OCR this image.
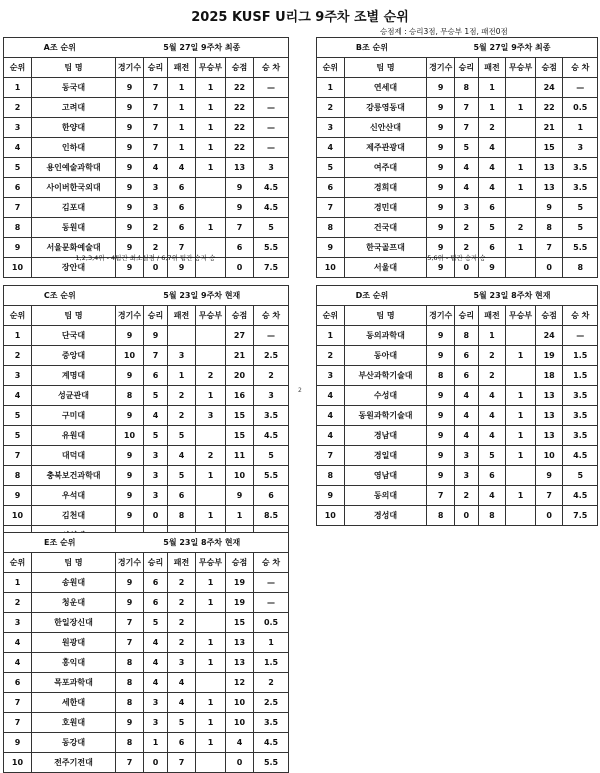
2025 KUSF U리그 9주차 조별 순위
승점제 : 승리3점, 무승부 1점, 패전0점
2
A조 순위		5월 27일 9주차 최종					
순위	팀 명	경기수	승리	패전	무승부	승점	승 차
1	동국대	9	7	1	1	22	—
2	고려대	9	7	1	1	22	—
3	한양대	9	7	1	1	22	—
4	인하대	9	7	1	1	22	—
5	용인예술과학대	9	4	4	1	13	3
6	사이버한국외대	9	3	6		9	4.5
7	김포대	9	3	6		9	4.5
8	동원대	9	2	6	1	7	5
9	서울문화예술대	9	2	7		6	5.5
10	장안대	9	0	9		0	7.5
B조 순위		5월 27일 9주차 최종					
순위	팀 명	경기수	승리	패전	무승부	승점	승 차
1	연세대	9	8	1		24	—
2	강릉영동대	9	7	1	1	22	0.5
3	신안산대	9	7	2		21	1
4	제주관광대	9	5	4		15	3
5	여주대	9	4	4	1	13	3.5
6	경희대	9	4	4	1	13	3.5
7	경민대	9	3	6		9	5
8	건국대	9	2	5	2	8	5
9	한국골프대	9	2	6	1	7	5.5
10	서울대	9	0	9		0	8
1,2,3,4위 - 4팀간 최소실점 / 6,7위 팀간 승자 승	5,6위 - 팀간 승자 승
C조 순위		5월 23일 9주차 현재					
순위	팀 명	경기수	승리	패전	무승부	승점	승 차
1	단국대	9	9			27	—
2	중앙대	10	7	3		21	2.5
3	계명대	9	6	1	2	20	2
4	성균관대	8	5	2	1	16	3
5	구미대	9	4	2	3	15	3.5
5	유원대	10	5	5		15	4.5
7	대덕대	9	3	4	2	11	5
8	충북보건과학대	9	3	5	1	10	5.5
9	우석대	9	3	6		9	6
10	김천대	9	0	8	1	1	8.5

D조 순위		5월 23일 8주차 현재					
순위	팀 명	경기수	승리	패전	무승부	승점	승 차
1	동의과학대	9	8	1		24	—
2	동아대	9	6	2	1	19	1.5
3	부산과학기술대	8	6	2		18	1.5
4	수성대	9	4	4	1	13	3.5
4	동원과학기술대	9	4	4	1	13	3.5
4	경남대	9	4	4	1	13	3.5
7	경일대	9	3	5	1	10	4.5
8	영남대	9	3	6		9	5
9	동의대	7	2	4	1	7	4.5
10	경성대	8	0	8		0	7.5
E조 순위		5월 23일 8주차 현재					
순위	팀 명	경기수	승리	패전	무승부	승점	승 차
1	송원대	9	6	2	1	19	—
2	청운대	9	6	2	1	19	—
3	한일장신대	7	5	2		15	0.5
4	원광대	7	4	2	1	13	1
4	홍익대	8	4	3	1	13	1.5
6	목포과학대	8	4	4		12	2
7	세한대	8	3	4	1	10	2.5
7	호원대	9	3	5	1	10	3.5
9	동강대	8	1	6	1	4	4.5
10	전주기전대	7	0	7		0	5.5
